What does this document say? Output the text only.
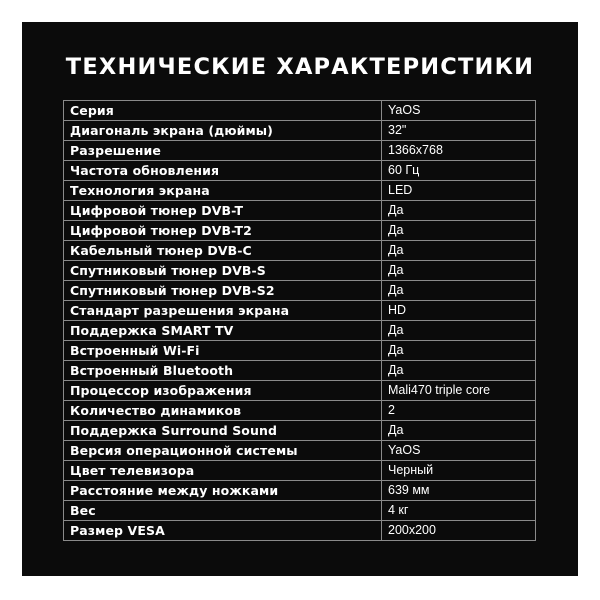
ТЕХНИЧЕСКИЕ ХАРАКТЕРИСТИКИ
Серия	YaOS
Диагональ экрана (дюймы)	32"
Разрешение	1366х768
Частота обновления	60 Гц
Технология экрана	LED
Цифровой тюнер DVB-T	Да
Цифровой тюнер DVB-T2	Да
Кабельный тюнер DVB-C	Да
Спутниковый тюнер DVB-S	Да
Спутниковый тюнер DVB-S2	Да
Стандарт разрешения экрана	HD
Поддержка SMART TV	Да
Встроенный Wi-Fi	Да
Встроенный Bluetooth	Да
Процессор изображения	Mali470 triple core
Количество динамиков	2
Поддержка Surround Sound	Да
Версия операционной системы	YaOS
Цвет телевизора	Черный
Расстояние между ножками	639 мм
Вес	4 кг
Размер VESA	200х200
